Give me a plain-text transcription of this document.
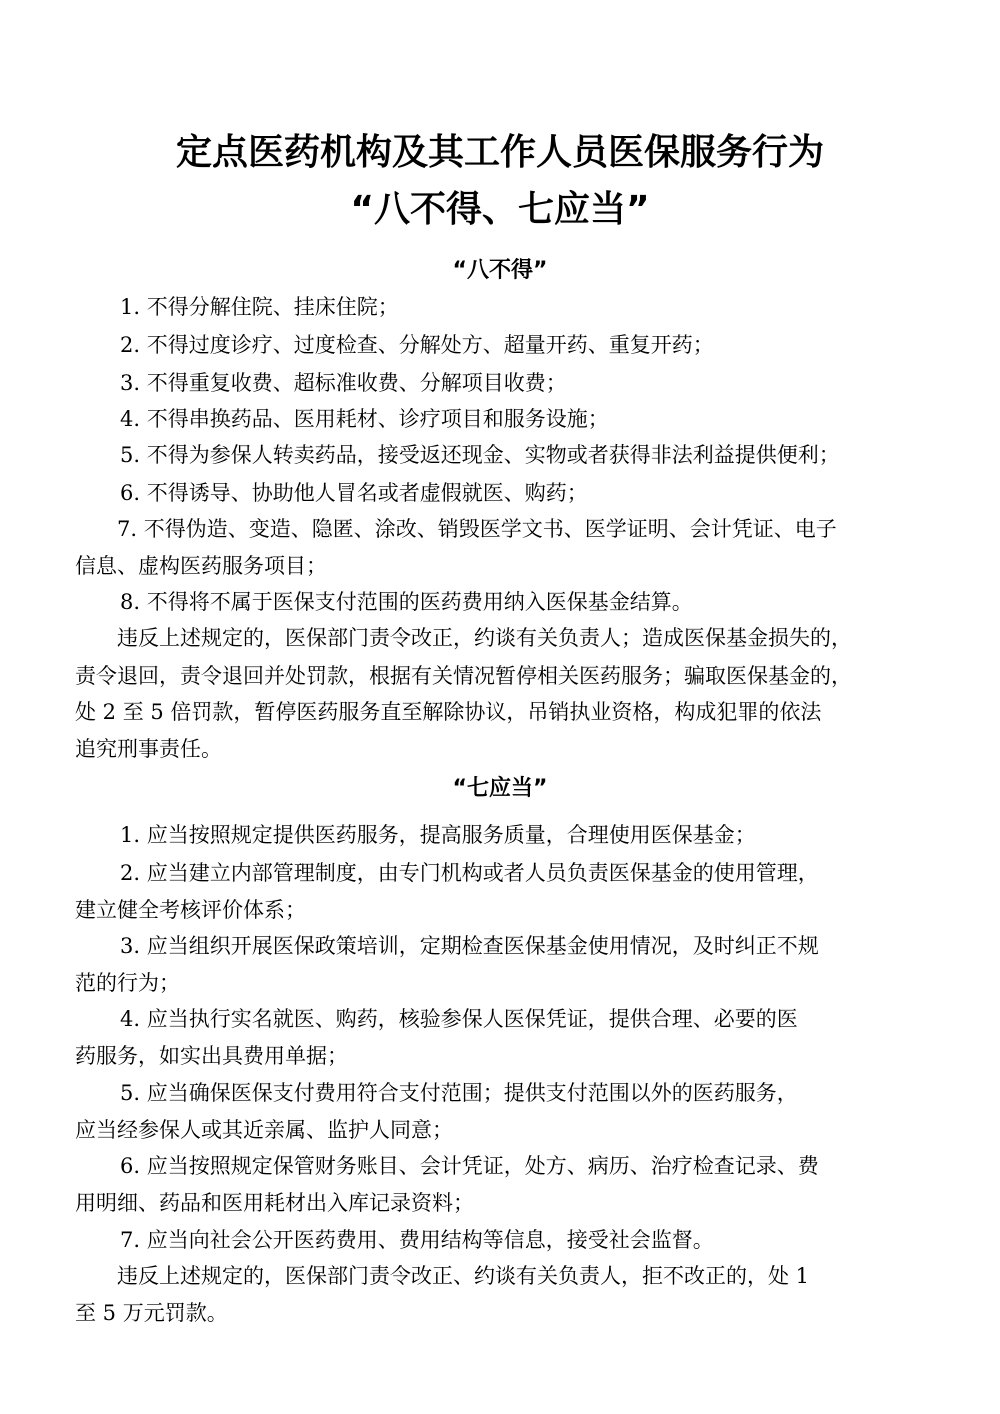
定点医药机构及其工作人员医保服务行为
“八不得、七应当”
“八不得”
1. 不得分解住院、挂床住院；
2. 不得过度诊疗、过度检查、分解处方、超量开药、重复开药；
3. 不得重复收费、超标准收费、分解项目收费；
4. 不得串换药品、医用耗材、诊疗项目和服务设施；
5. 不得为参保人转卖药品，接受返还现金、实物或者获得非法利益提供便利；
6. 不得诱导、协助他人冒名或者虚假就医、购药；
7. 不得伪造、变造、隐匿、涂改、销毁医学文书、医学证明、会计凭证、电子
信息、虚构医药服务项目；
8. 不得将不属于医保支付范围的医药费用纳入医保基金结算。
违反上述规定的，医保部门责令改正，约谈有关负责人；造成医保基金损失的，
责令退回，责令退回并处罚款，根据有关情况暂停相关医药服务；骗取医保基金的，
处 2 至 5 倍罚款，暂停医药服务直至解除协议，吊销执业资格，构成犯罪的依法
追究刑事责任。
“七应当”
1. 应当按照规定提供医药服务，提高服务质量，合理使用医保基金；
2. 应当建立内部管理制度，由专门机构或者人员负责医保基金的使用管理，
建立健全考核评价体系；
3. 应当组织开展医保政策培训，定期检查医保基金使用情况，及时纠正不规
范的行为；
4. 应当执行实名就医、购药，核验参保人医保凭证，提供合理、必要的医
药服务，如实出具费用单据；
5. 应当确保医保支付费用符合支付范围；提供支付范围以外的医药服务，
应当经参保人或其近亲属、监护人同意；
6. 应当按照规定保管财务账目、会计凭证，处方、病历、治疗检查记录、费
用明细、药品和医用耗材出入库记录资料；
7. 应当向社会公开医药费用、费用结构等信息，接受社会监督。
违反上述规定的，医保部门责令改正、约谈有关负责人，拒不改正的，处 1
至 5 万元罚款。
